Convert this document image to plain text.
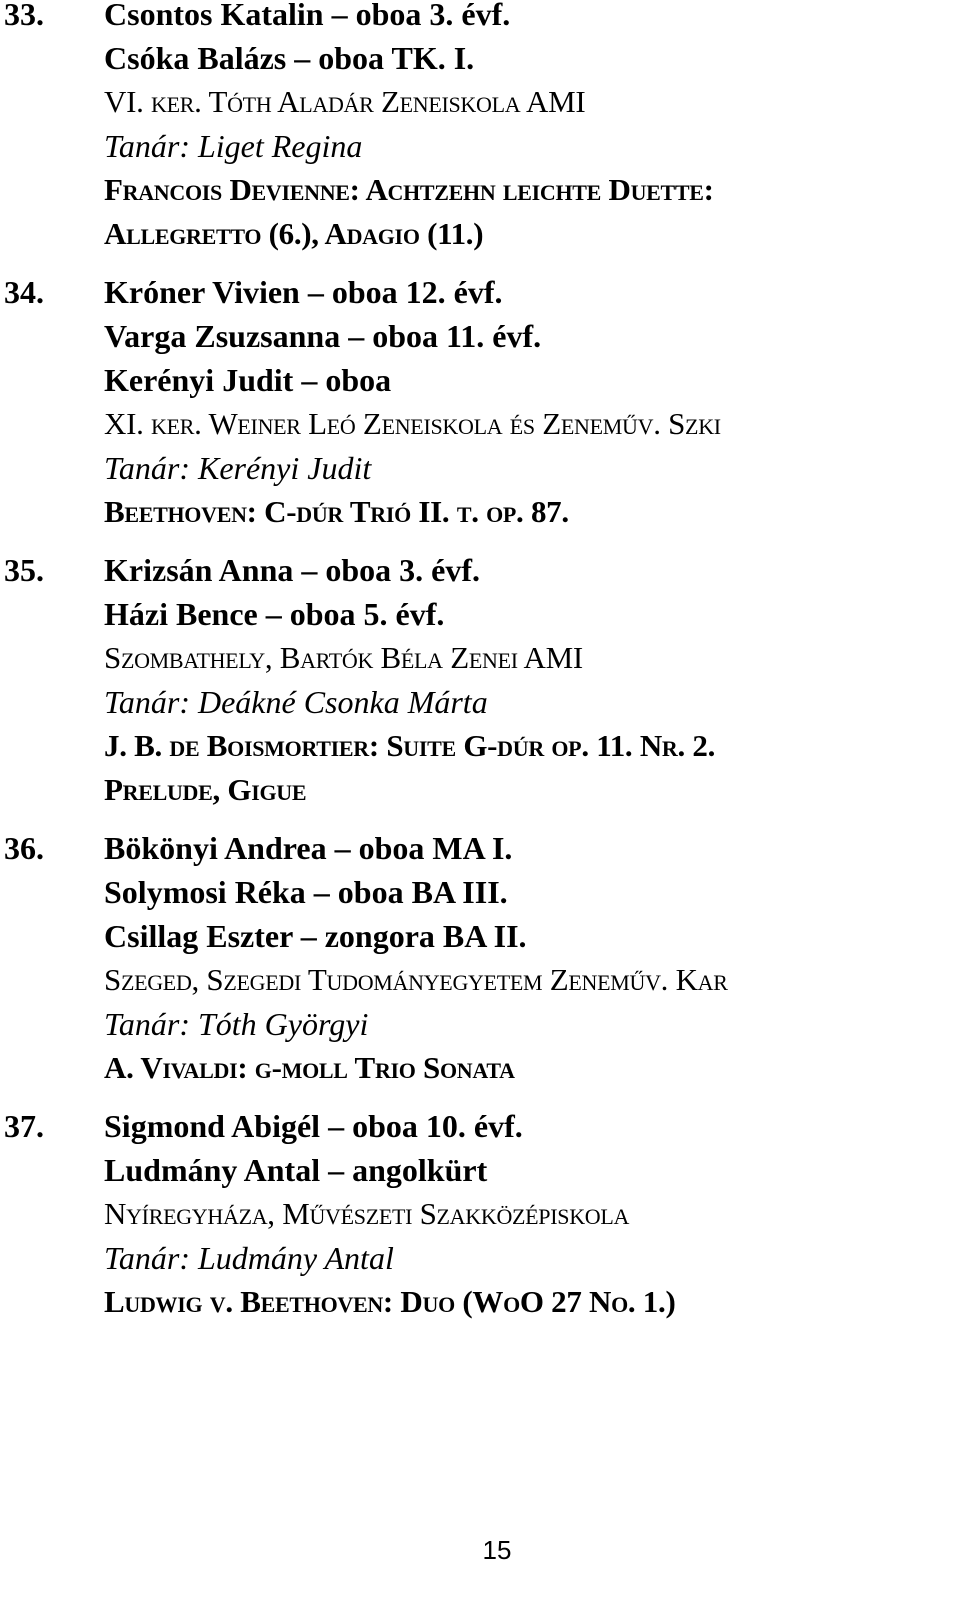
33. Csontos Katalin – oboa 3. évf.
Csóka Balázs – oboa TK. I.
VI. ker. Tóth Aladár Zeneiskola AMI
Tanár: Liget Regina
Francois Devienne: Achtzehn leichte Duette:
Allegretto (6.), Adagio (11.)
34. Króner Vivien – oboa 12. évf.
Varga Zsuzsanna – oboa 11. évf.
Kerényi Judit – oboa
XI. ker. Weiner Leó Zeneiskola és Zeneműv. Szki
Tanár: Kerényi Judit
Beethoven: C-dúr Trió II. t. op. 87.
35. Krizsán Anna – oboa 3. évf.
Házi Bence – oboa 5. évf.
Szombathely, Bartók Béla Zenei AMI
Tanár: Deákné Csonka Márta
J. B. de Boismortier: Suite G-dúr op. 11. Nr. 2.
Prelude, Gigue
36. Bökönyi Andrea – oboa MA I.
Solymosi Réka – oboa BA III.
Csillag Eszter – zongora BA II.
Szeged, Szegedi Tudományegyetem Zeneműv. Kar
Tanár: Tóth Györgyi
A. Vivaldi: g-moll Trio Sonata
37. Sigmond Abigél – oboa 10. évf.
Ludmány Antal – angolkürt
Nyíregyháza, Művészeti Szakközépiskola
Tanár: Ludmány Antal
Ludwig v. Beethoven: Duo (WoO 27 No. 1.)
15
